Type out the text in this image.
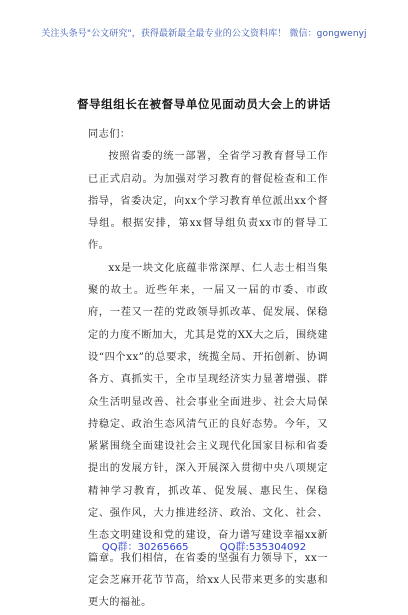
关注头条号"公文研究"，获得最新最全最专业的公文资料库！ 微信：gongwenyj
督导组组长在被督导单位见面动员大会上的讲话

同志们：

按照省委的统一部署，全省学习教育督导工作已正式启动。为加强对学习教育的督促检查和工作指导，省委决定，向xx个学习教育单位派出xx个督导组。根据安排，第xx督导组负责xx市的督导工作。

xx是一块文化底蕴非常深厚、仁人志士相当集聚的故土。近些年来，一届又一届的市委、市政府，一茬又一茬的党政领导抓改革、促发展、保稳定的力度不断加大，尤其是党的XX大之后，围绕建设“四个xx”的总要求，统揽全局、开拓创新、协调各方、真抓实干，全市呈现经济实力显著增强、群众生活明显改善、社会事业全面进步、社会大局保持稳定、政治生态风清气正的良好态势。今年，又紧紧围绕全面建设社会主义现代化国家目标和省委提出的发展方针，深入开展深入贯彻中央八项规定精神学习教育，抓改革、促发展、惠民生、保稳定、强作风，大力推进经济、政治、文化、社会、生态文明建设和党的建设，奋力谱写建设幸福xx新篇章。我们相信，在省委的坚强有力领导下，xx一定会芝麻开花节节高，给xx人民带来更多的实惠和更大的福祉。

QQ群：30265665	QQ群:535304092
